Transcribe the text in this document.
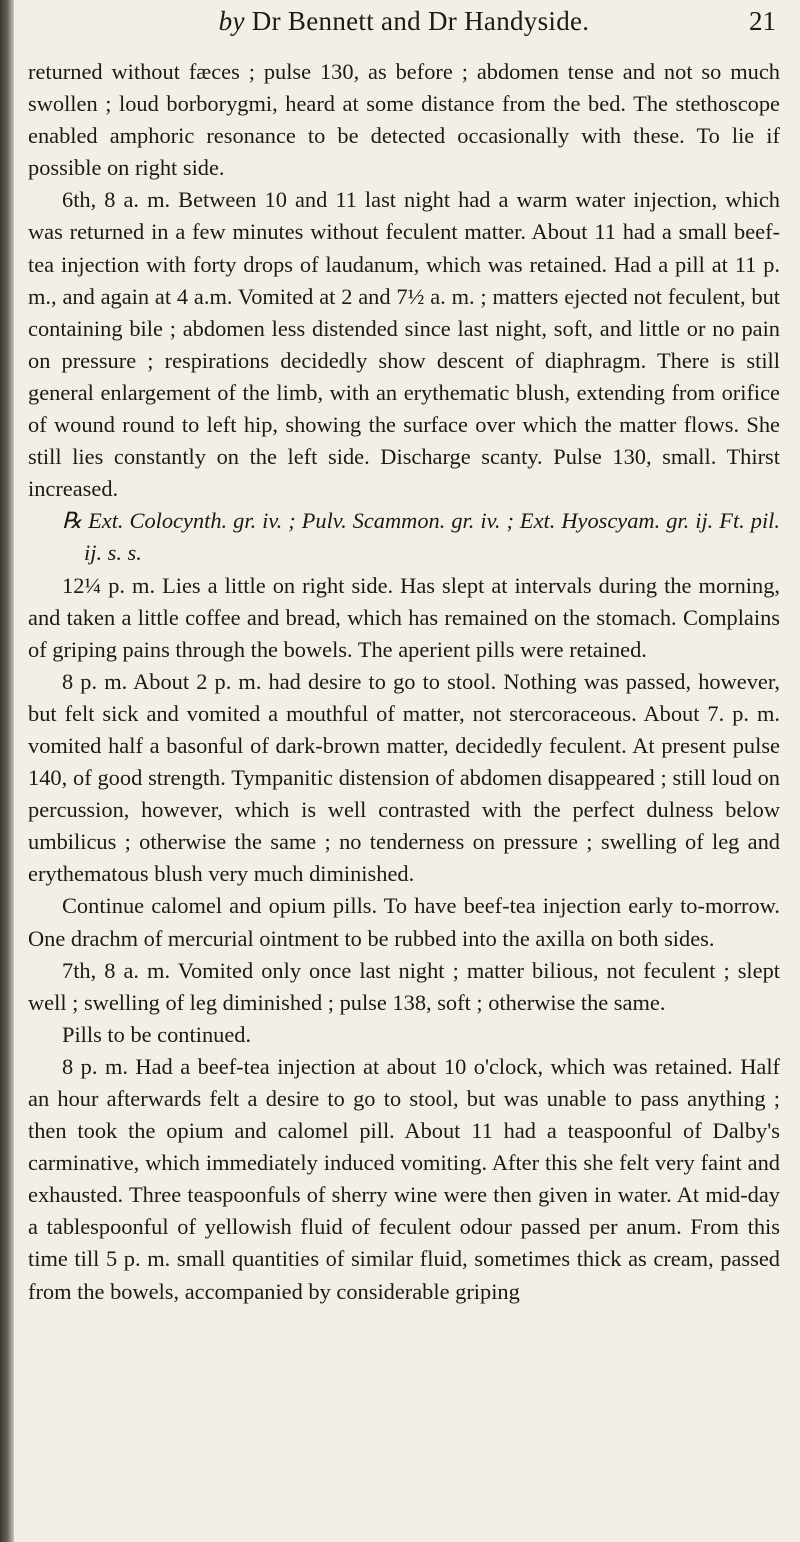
by Dr Bennett and Dr Handyside.	21

returned without fæces ; pulse 130, as before ; abdomen tense and not so much swollen ; loud borborygmi, heard at some distance from the bed. The stethoscope enabled amphoric resonance to be detected occasionally with these. To lie if possible on right side.

6th, 8 a. m. Between 10 and 11 last night had a warm water injection, which was returned in a few minutes without feculent matter. About 11 had a small beef-tea injection with forty drops of laudanum, which was retained. Had a pill at 11 p. m., and again at 4 a.m. Vomited at 2 and 7½ a. m. ; matters ejected not feculent, but containing bile ; abdomen less distended since last night, soft, and little or no pain on pressure ; respirations decidedly show descent of diaphragm. There is still general enlargement of the limb, with an erythematic blush, extending from orifice of wound round to left hip, showing the surface over which the matter flows. She still lies constantly on the left side. Discharge scanty. Pulse 130, small. Thirst increased.

℞ Ext. Colocynth. gr. iv. ; Pulv. Scammon. gr. iv. ; Ext. Hyoscyam. gr. ij. Ft. pil. ij. s. s.

12¼ p. m. Lies a little on right side. Has slept at intervals during the morning, and taken a little coffee and bread, which has remained on the stomach. Complains of griping pains through the bowels. The aperient pills were retained.

8 p. m. About 2 p. m. had desire to go to stool. Nothing was passed, however, but felt sick and vomited a mouthful of matter, not stercoraceous. About 7. p. m. vomited half a basonful of dark-brown matter, decidedly feculent. At present pulse 140, of good strength. Tympanitic distension of abdomen disappeared ; still loud on percussion, however, which is well contrasted with the perfect dulness below umbilicus ; otherwise the same ; no tenderness on pressure ; swelling of leg and erythematous blush very much diminished.

Continue calomel and opium pills. To have beef-tea injection early to-morrow. One drachm of mercurial ointment to be rubbed into the axilla on both sides.

7th, 8 a. m. Vomited only once last night ; matter bilious, not feculent ; slept well ; swelling of leg diminished ; pulse 138, soft ; otherwise the same.

Pills to be continued.

8 p. m. Had a beef-tea injection at about 10 o'clock, which was retained. Half an hour afterwards felt a desire to go to stool, but was unable to pass anything ; then took the opium and calomel pill. About 11 had a teaspoonful of Dalby's carminative, which immediately induced vomiting. After this she felt very faint and exhausted. Three teaspoonfuls of sherry wine were then given in water. At mid-day a tablespoonful of yellowish fluid of feculent odour passed per anum. From this time till 5 p. m. small quantities of similar fluid, sometimes thick as cream, passed from the bowels, accompanied by considerable griping
